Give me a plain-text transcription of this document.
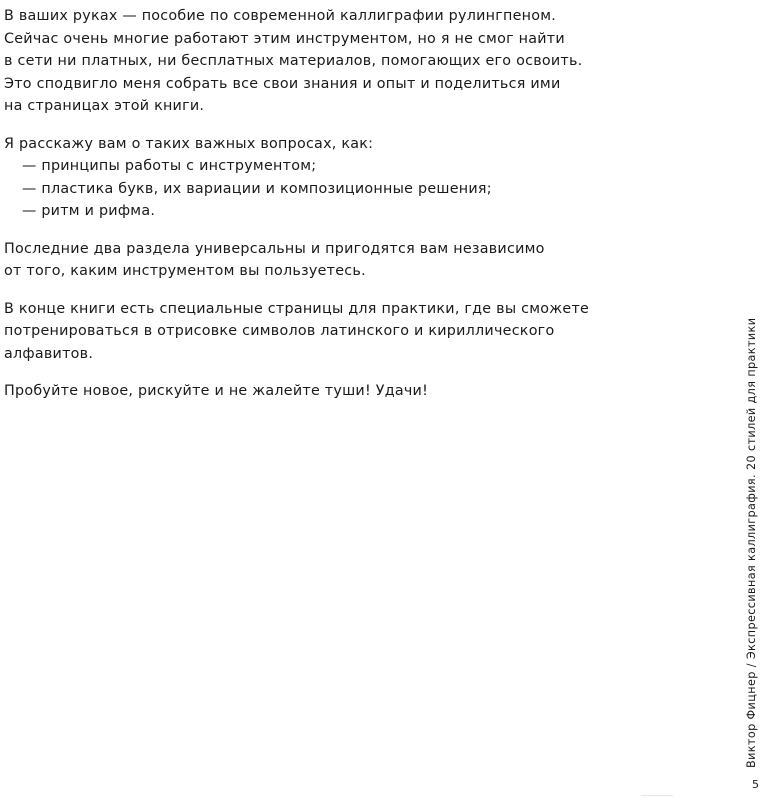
В ваших руках — пособие по современной каллиграфии рулингпеном.
Сейчас очень многие работают этим инструментом, но я не смог найти
в сети ни платных, ни бесплатных материалов, помогающих его освоить.
Это сподвигло меня собрать все свои знания и опыт и поделиться ими
на страницах этой книги.

Я расскажу вам о таких важных вопросах, как:
— принципы работы с инструментом;
— пластика букв, их вариации и композиционные решения;
— ритм и рифма.

Последние два раздела универсальны и пригодятся вам независимо
от того, каким инструментом вы пользуетесь.

В конце книги есть специальные страницы для практики, где вы сможете
потренироваться в отрисовке символов латинского и кириллического
алфавитов.

Пробуйте новое, рискуйте и не жалейте туши! Удачи!	Виктор Фицнер / Экспрессивная каллиграфия. 20 стилей для практики
5
